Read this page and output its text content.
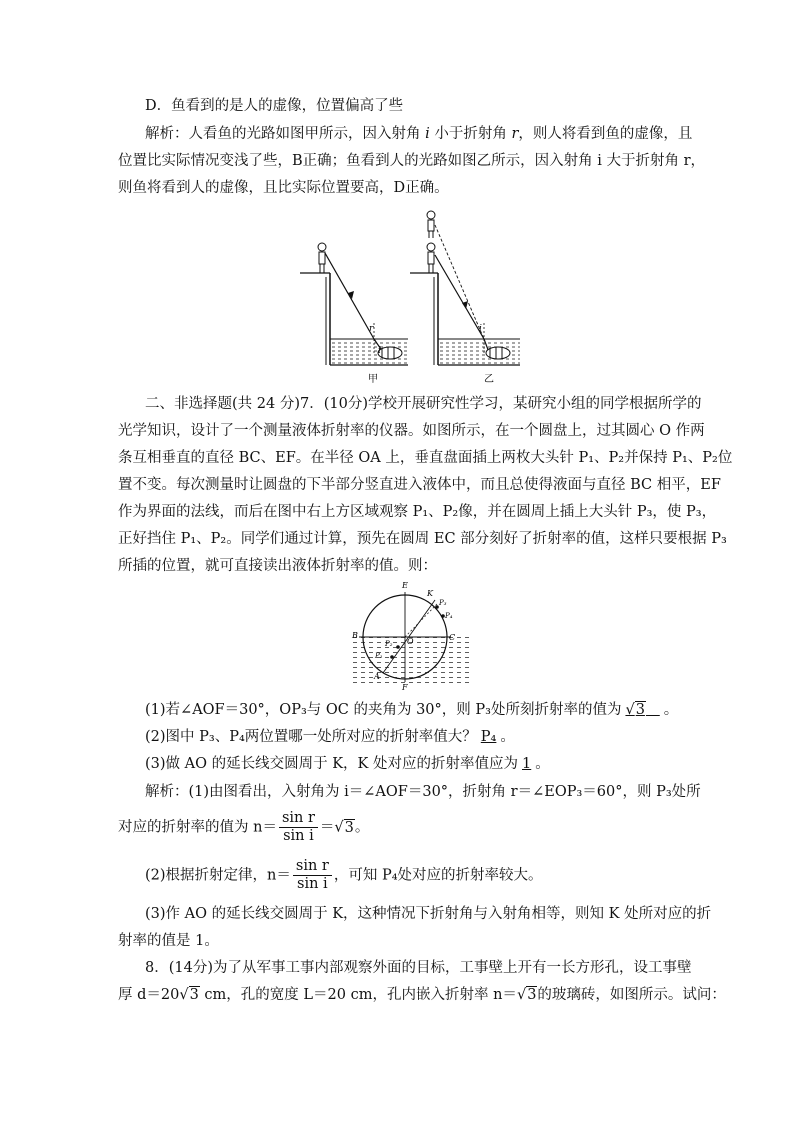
D．鱼看到的是人的虚像，位置偏高了些
解析：人看鱼的光路如图甲所示，因入射角 i 小于折射角 r，则人将看到鱼的虚像，且
位置比实际情况变浅了些，B正确；鱼看到人的光路如图乙所示，因入射角 i 大于折射角 r，
则鱼将看到人的虚像，且比实际位置要高，D正确。
r
i
甲
i
乙
二、非选择题(共 24 分)7．(10分)学校开展研究性学习，某研究小组的同学根据所学的
光学知识，设计了一个测量液体折射率的仪器。如图所示，在一个圆盘上，过其圆心 O 作两
条互相垂直的直径 BC、EF。在半径 OA 上，垂直盘面插上两枚大头针 P₁、P₂并保持 P₁、P₂位
置不变。每次测量时让圆盘的下半部分竖直进入液体中，而且总使得液面与直径 BC 相平，EF
作为界面的法线，而后在图中右上方区域观察 P₁、P₂像，并在圆周上插上大头针 P₃，使 P₃，
正好挡住 P₁、P₂。同学们通过计算，预先在圆周 EC 部分刻好了折射率的值，这样只要根据 P₃
所插的位置，就可直接读出液体折射率的值。则：
E
K
P₃
P₄
B	C
O
P₂
P₁
A
F
(1)若∠AOF＝30°，OP₃与 OC 的夹角为 30°，则 P₃处所刻折射率的值为 √3 。
(2)图中 P₃、P₄两位置哪一处所对应的折射率值大？ P₄ 。
(3)做 AO 的延长线交圆周于 K，K 处对应的折射率值应为 1 。
解析：(1)由图看出，入射角为 i＝∠AOF＝30°，折射角 r＝∠EOP₃＝60°，则 P₃处所
对应的折射率的值为 $n= \frac{\text{sin r}}{\text{sin i}} =√3$。
(2)根据折射定律，$n= \frac{\text{sin r}}{\text{sin i}}$ ，可知 P₄处对应的折射率较大。
(3)作 AO 的延长线交圆周于 K，这种情况下折射角与入射角相等，则知 K 处所对应的折
射率的值是 1。
8．(14分)为了从军事工事内部观察外面的目标，工事壁上开有一长方形孔，设工事壁
厚 d＝20√3 cm，孔的宽度 L＝20 cm，孔内嵌入折射率 n＝√3的玻璃砖，如图所示。试问：
